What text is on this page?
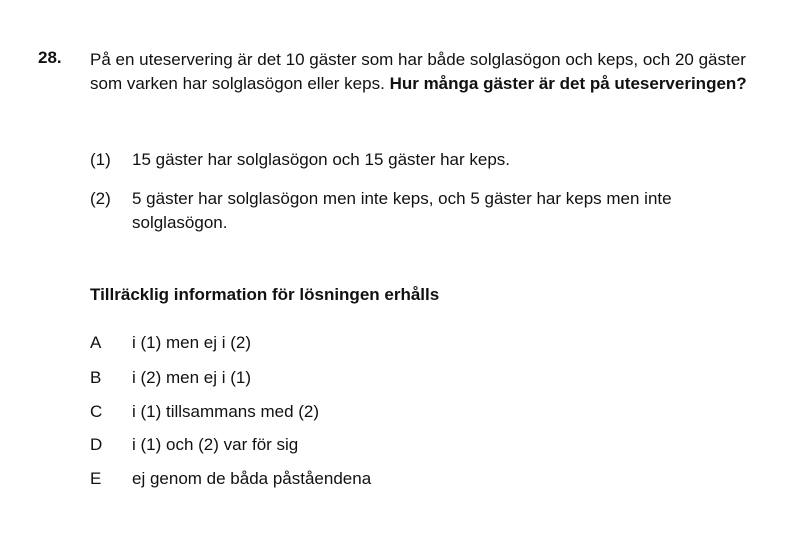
28. På en uteservering är det 10 gäster som har både solglasögon och keps, och 20 gäster som varken har solglasögon eller keps. Hur många gäster är det på uteserveringen?
(1)	15 gäster har solglasögon och 15 gäster har keps.
(2)	5 gäster har solglasögon men inte keps, och 5 gäster har keps men inte solglasögon.
Tillräcklig information för lösningen erhålls
A	i (1) men ej i (2)
B	i (2) men ej i (1)
C	i (1) tillsammans med (2)
D	i (1) och (2) var för sig
E	ej genom de båda påståendena
